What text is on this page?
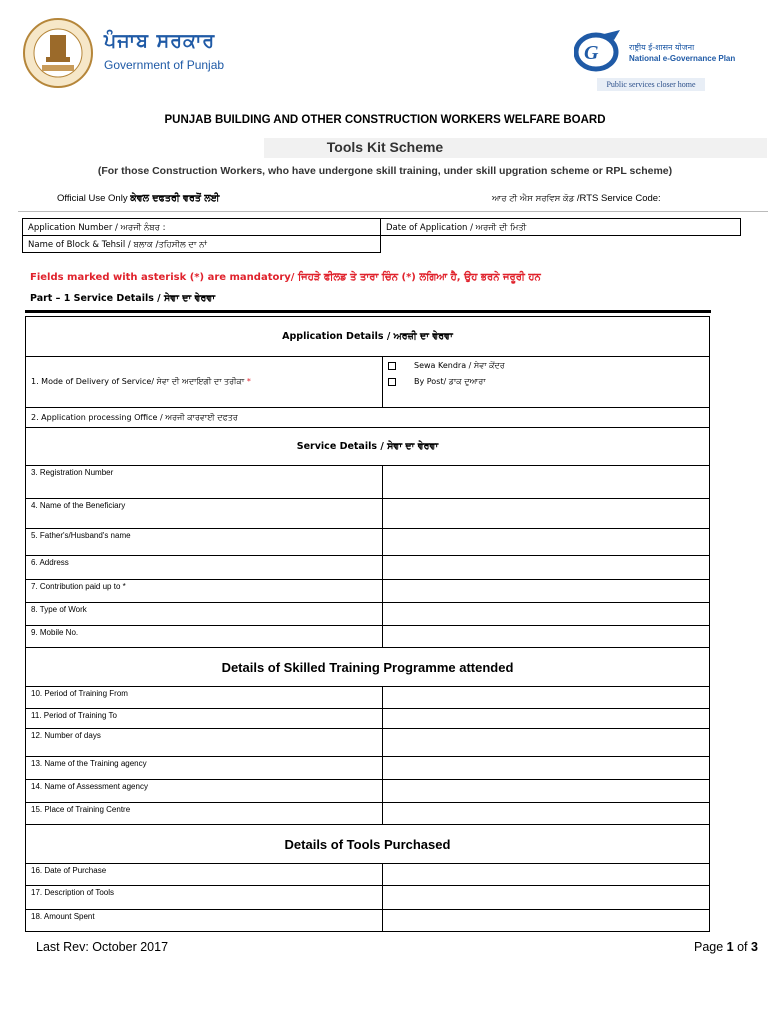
ਪੰਜਾਬ ਸਰਕਾਰ
Government of Punjab
G	राष्ट्रीय ई-शासन योजना
National e-Governance Plan
Public services closer home
PUNJAB BUILDING AND OTHER CONSTRUCTION WORKERS WELFARE BOARD
Tools Kit Scheme
(For those Construction Workers, who have undergone skill training, under skill upgration scheme or RPL scheme)
Official Use Only ਕੇਵਲ ਦਫਤਰੀ ਵਰਤੋਂ ਲਈ	ਆਰ ਟੀ ਐਸ ਸਰਵਿਸ ਕੋਡ /RTS Service Code:
Application Number / ਅਰਜੀ ਨੰਬਰ :	Date of Application / ਅਰਜੀ ਦੀ ਮਿਤੀ
Name of Block & Tehsil / ਬਲਾਕ /ਤਹਿਸੀਲ ਦਾ ਨਾਂ	
Fields marked with asterisk (*) are mandatory/ ਜਿਹੜੇ ਫੀਲਡ ਤੇ ਤਾਰਾ ਚਿੰਨ (*) ਲਗਿਆ ਹੈ, ਉਹ ਭਰਨੇ ਜਰੂਰੀ ਹਨ
Part – 1 Service Details / ਸੇਵਾ ਦਾ ਵੇਰਵਾ
Application Details / ਅਰਜ਼ੀ ਦਾ ਵੇਰਵਾ	
1. Mode of Delivery of Service/ ਸੇਵਾ ਦੀ ਅਦਾਇਗੀ ਦਾ ਤਰੀਕਾ *	Sewa Kendra / ਸੇਵਾ ਕੇਂਦਰ
By Post/ ਡਾਕ ਦੁਆਰਾ

2. Application processing Office / ਅਰਜੀ ਕਾਰਵਾਈ ਦਫਤਰ	
Service Details / ਸੇਵਾ ਦਾ ਵੇਰਵਾ	
3. Registration Number	
4. Name of the Beneficiary	
5. Father's/Husband's name	
6. Address	
7. Contribution paid up to *	
8. Type of Work	
9. Mobile No.	
Details of Skilled Training Programme attended	
10. Period of Training From	
11. Period of Training To	
12. Number of days	
13. Name of the Training agency	
14. Name of Assessment agency	
15. Place of Training Centre	
Details of Tools Purchased	
16. Date of Purchase	
17. Description of Tools	
18. Amount Spent	
Last Rev: October 2017	Page 1 of 3
